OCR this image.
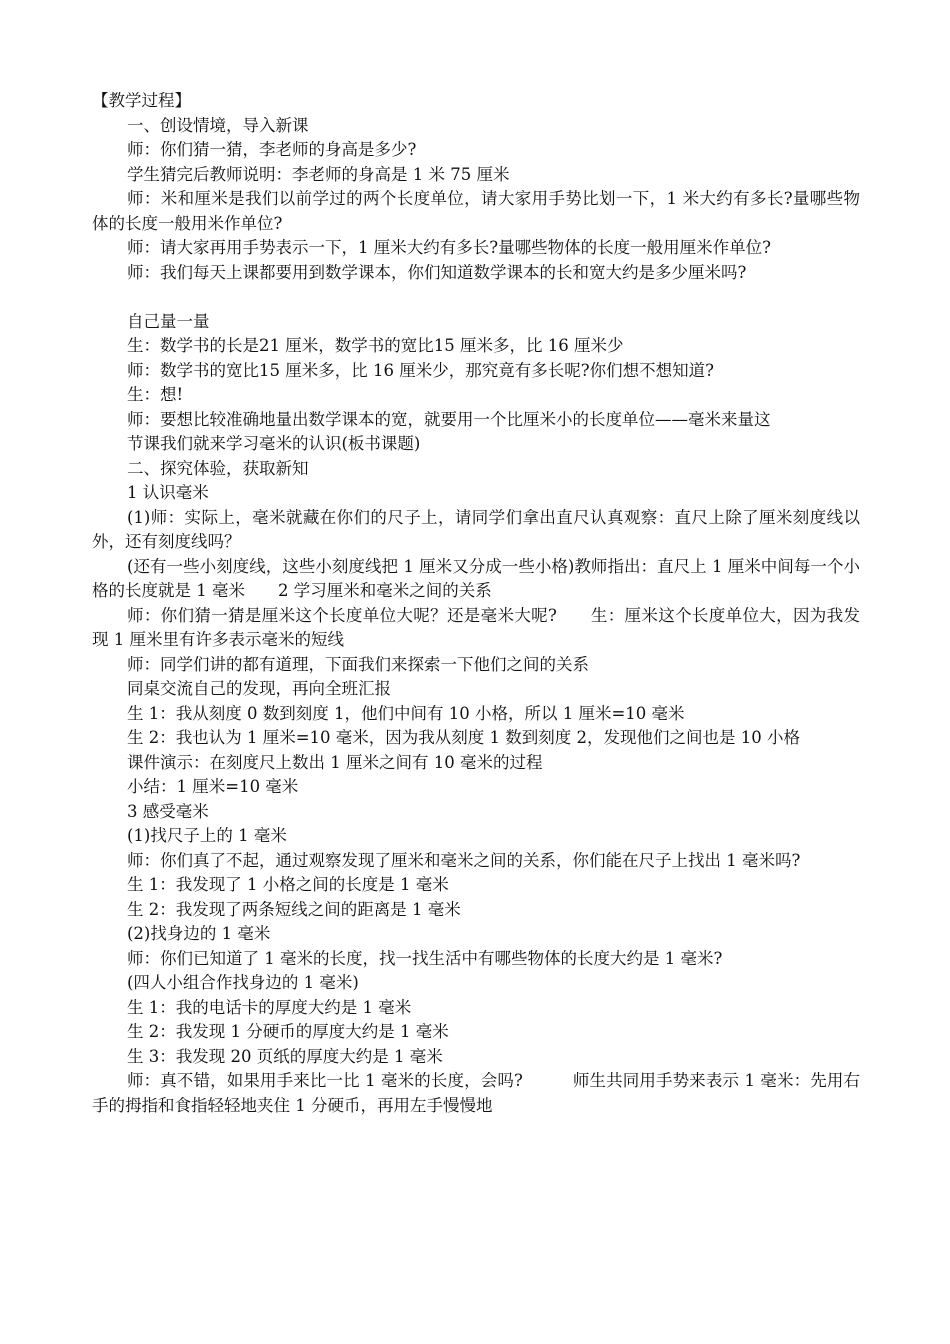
【教学过程】

一、创设情境，导入新课

师：你们猜一猜，李老师的身高是多少?

学生猜完后教师说明：李老师的身高是 1 米 75 厘米

师：米和厘米是我们以前学过的两个长度单位，请大家用手势比划一下，1 米大约有多长?量哪些物体的长度一般用米作单位?

师：请大家再用手势表示一下，1 厘米大约有多长?量哪些物体的长度一般用厘米作单位?

师：我们每天上课都要用到数学课本，你们知道数学课本的长和宽大约是多少厘米吗?

自己量一量

生：数学书的长是21 厘米，数学书的宽比15 厘米多，比 16 厘米少

师：数学书的宽比15 厘米多，比 16 厘米少，那究竟有多长呢?你们想不想知道?

生：想!

师：要想比较准确地量出数学课本的宽，就要用一个比厘米小的长度单位——毫米来量这

节课我们就来学习毫米的认识(板书课题)

二、探究体验，获取新知

1 认识毫米

(1)师：实际上，毫米就藏在你们的尺子上，请同学们拿出直尺认真观察：直尺上除了厘米刻度线以外，还有刻度线吗？

(还有一些小刻度线，这些小刻度线把 1 厘米又分成一些小格)教师指出：直尺上 1 厘米中间每一个小格的长度就是 1 毫米　　2 学习厘米和毫米之间的关系

师：你们猜一猜是厘米这个长度单位大呢？还是毫米大呢?　　生：厘米这个长度单位大，因为我发现 1 厘米里有许多表示毫米的短线

师：同学们讲的都有道理，下面我们来探索一下他们之间的关系

同桌交流自己的发现，再向全班汇报

生 1：我从刻度 0 数到刻度 1，他们中间有 10 小格，所以 1 厘米=10 毫米

生 2：我也认为 1 厘米=10 毫米，因为我从刻度 1 数到刻度 2，发现他们之间也是 10 小格

课件演示：在刻度尺上数出 1 厘米之间有 10 毫米的过程

小结：1 厘米=10 毫米

3 感受毫米

(1)找尺子上的 1 毫米

师：你们真了不起，通过观察发现了厘米和毫米之间的关系，你们能在尺子上找出 1 毫米吗?

生 1：我发现了 1 小格之间的长度是 1 毫米

生 2：我发现了两条短线之间的距离是 1 毫米

(2)找身边的 1 毫米

师：你们已知道了 1 毫米的长度，找一找生活中有哪些物体的长度大约是 1 毫米?

(四人小组合作找身边的 1 毫米)

生 1：我的电话卡的厚度大约是 1 毫米

生 2：我发现 1 分硬币的厚度大约是 1 毫米

生 3：我发现 20 页纸的厚度大约是 1 毫米

师：真不错，如果用手来比一比 1 毫米的长度，会吗?　　　师生共同用手势来表示 1 毫米：先用右手的拇指和食指轻轻地夹住 1 分硬币，再用左手慢慢地
